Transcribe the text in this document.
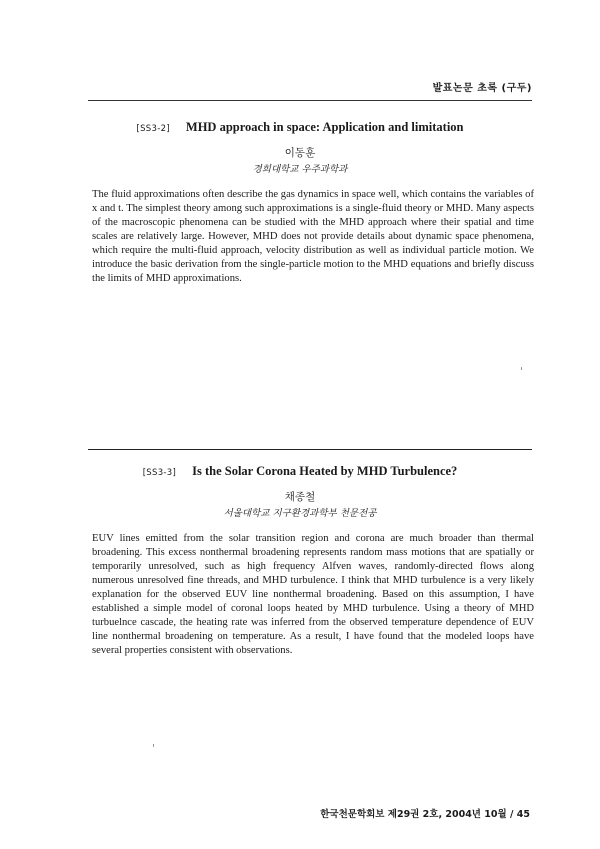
발표논문 초록 (구두)
[SS3-2] MHD approach in space: Application and limitation
이동훈
경희대학교 우주과학과

The fluid approximations often describe the gas dynamics in space well, which contains the variables of x and t. The simplest theory among such approximations is a single-fluid theory or MHD. Many aspects of the macroscopic phenomena can be studied with the MHD approach where their spatial and time scales are relatively large. However, MHD does not provide details about dynamic space phenomena, which require the multi-fluid approach, velocity distribution as well as individual particle motion. We introduce the basic derivation from the single-particle motion to the MHD equations and briefly discuss the limits of MHD approximations.

[SS3-3] Is the Solar Corona Heated by MHD Turbulence?
채종철
서울대학교 지구환경과학부 천문전공

EUV lines emitted from the solar transition region and corona are much broader than thermal broadening. This excess nonthermal broadening represents random mass motions that are spatially or temporarily unresolved, such as high frequency Alfven waves, randomly-directed flows along numerous unresolved fine threads, and MHD turbulence. I think that MHD turbulence is a very likely explanation for the observed EUV line nonthermal broadening. Based on this assumption, I have established a simple model of coronal loops heated by MHD turbulence. Using a theory of MHD turbuelnce cascade, the heating rate was inferred from the observed temperature dependence of EUV line nonthermal broadening on temperature. As a result, I have found that the modeled loops have several properties consistent with observations.

한국천문학회보 제29권 2호, 2004년 10월 / 45
